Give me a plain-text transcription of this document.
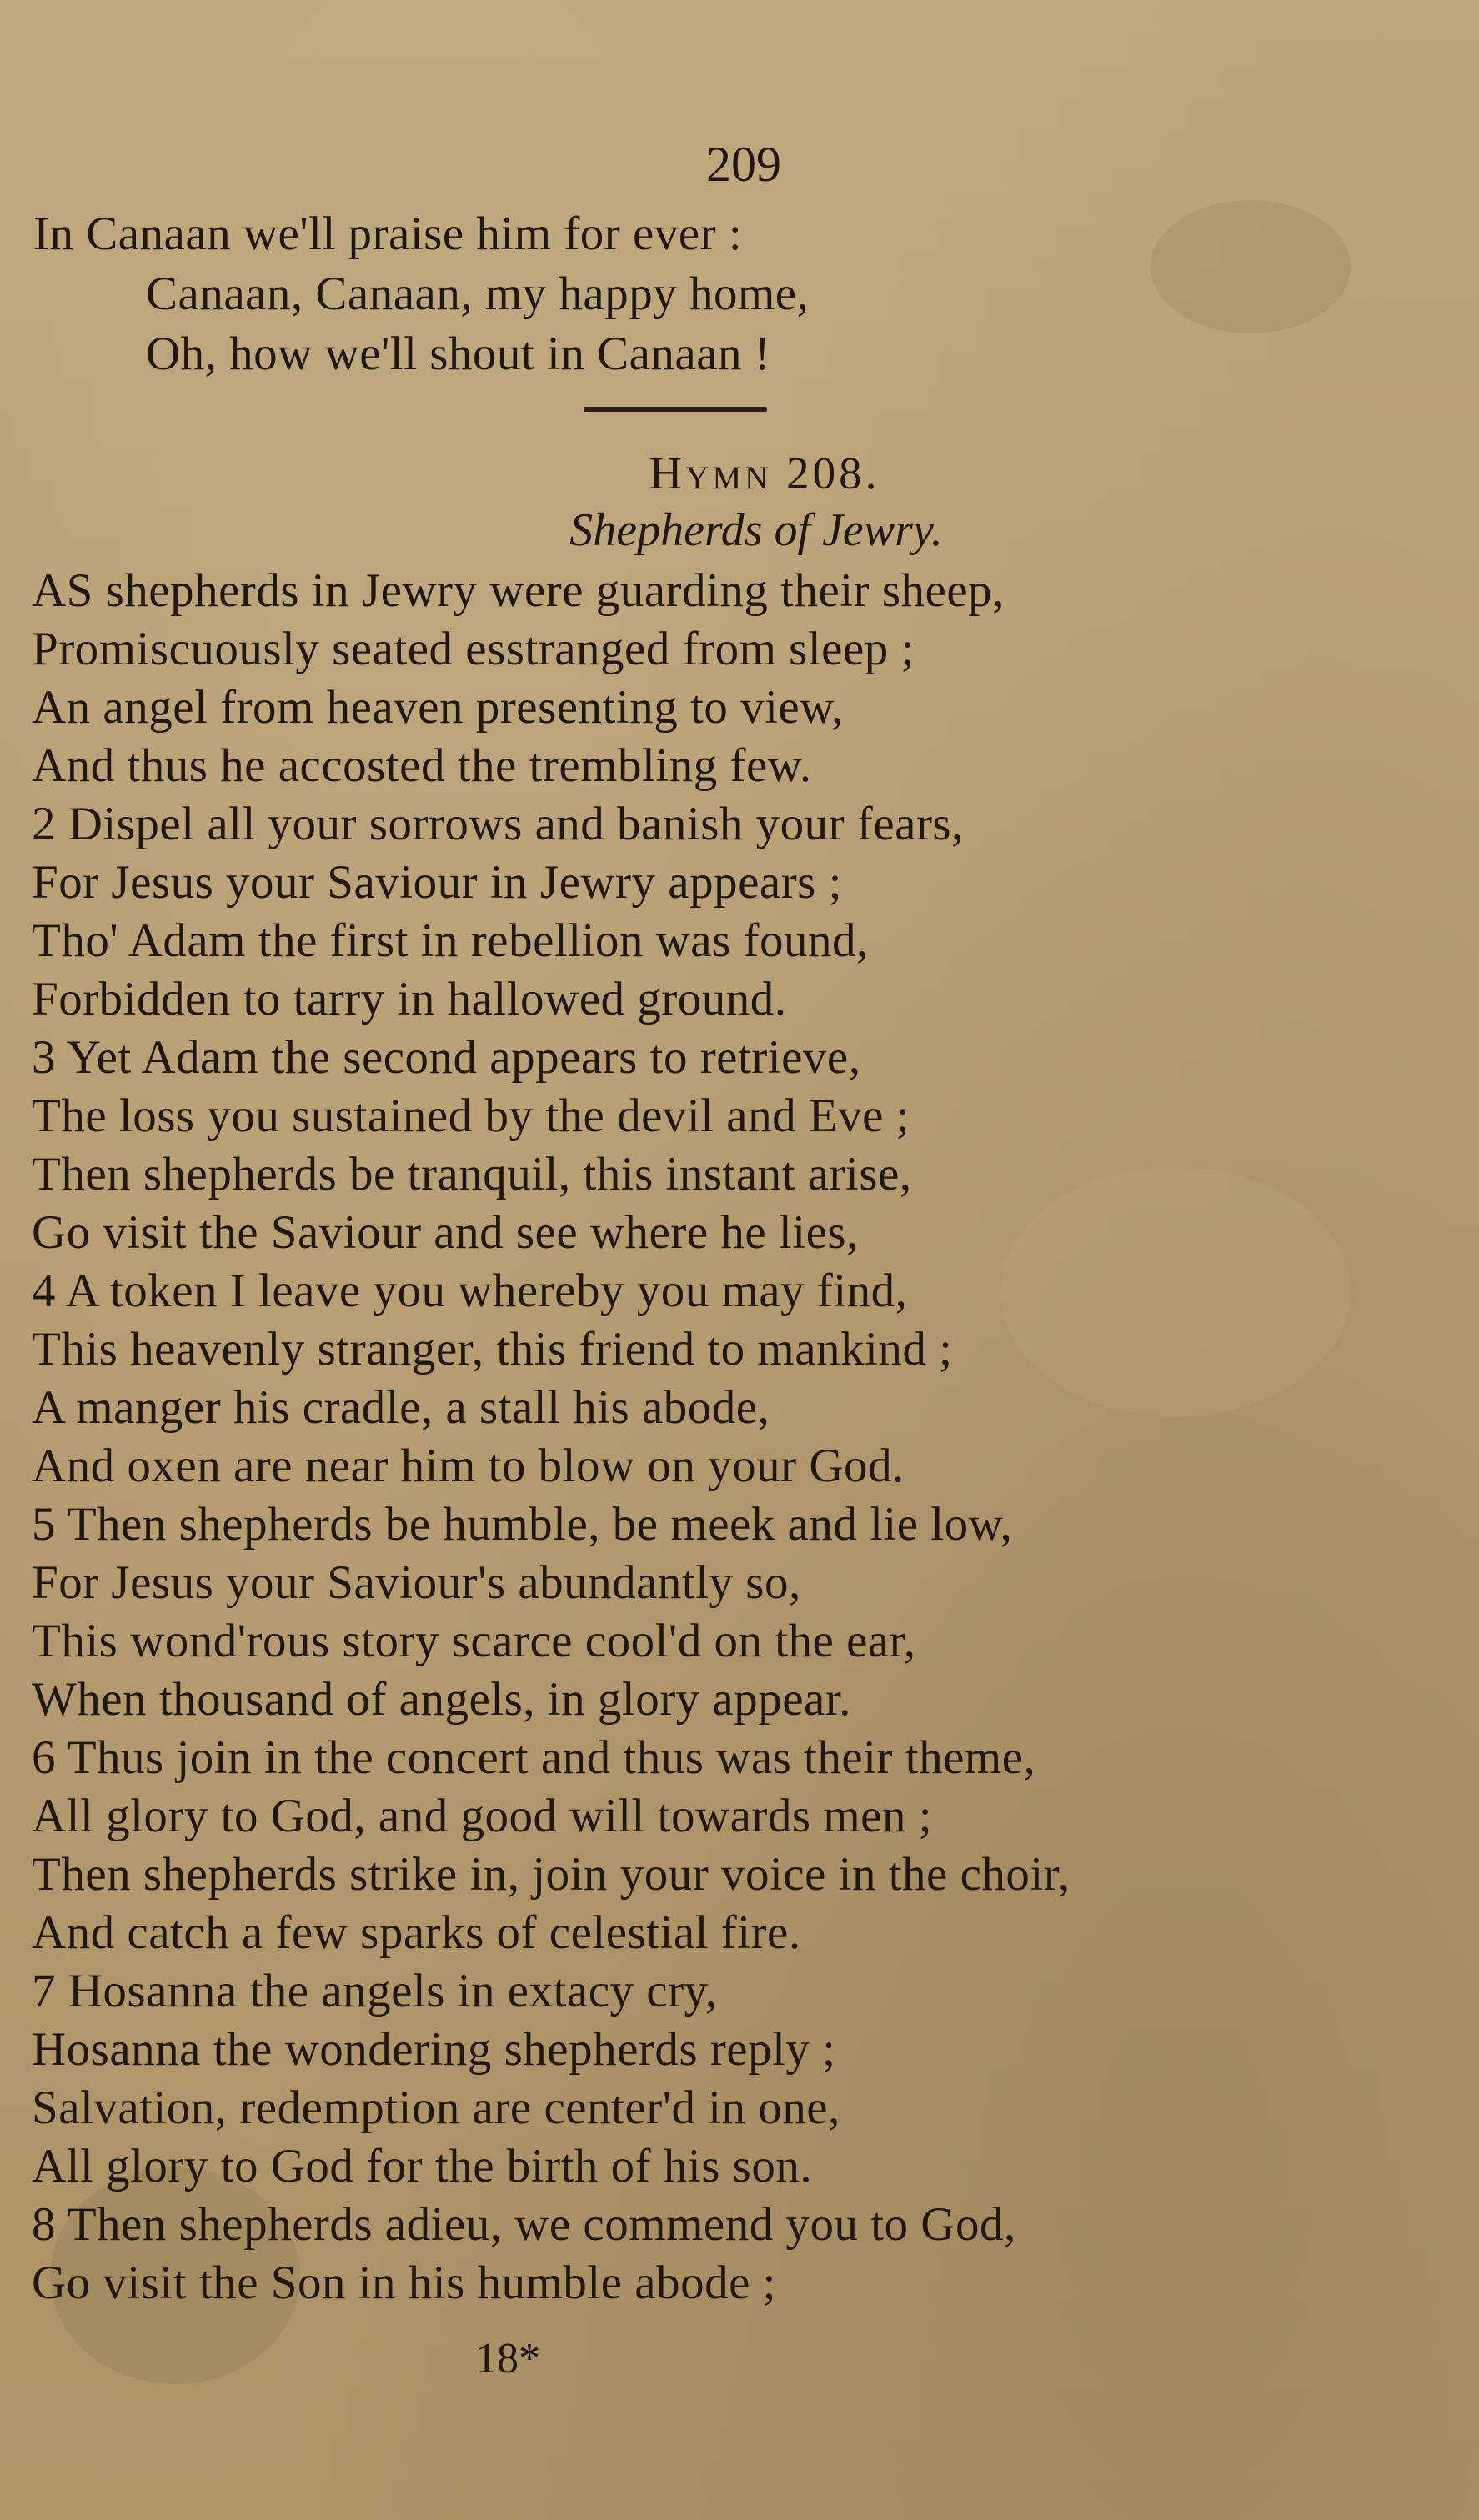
209
In Canaan we'll praise him for ever :
Canaan, Canaan, my happy home,
Oh, how we'll shout in Canaan !
Hymn 208.
Shepherds of Jewry.
AS shepherds in Jewry were guarding their sheep,
Promiscuously seated esstranged from sleep ;
An angel from heaven presenting to view,
And thus he accosted the trembling few.
2 Dispel all your sorrows and banish your fears,
For Jesus your Saviour in Jewry appears ;
Tho' Adam the first in rebellion was found,
Forbidden to tarry in hallowed ground.
3 Yet Adam the second appears to retrieve,
The loss you sustained by the devil and Eve ;
Then shepherds be tranquil, this instant arise,
Go visit the Saviour and see where he lies,
4 A token I leave you whereby you may find,
This heavenly stranger, this friend to mankind ;
A manger his cradle, a stall his abode,
And oxen are near him to blow on your God.
5 Then shepherds be humble, be meek and lie low,
For Jesus your Saviour's abundantly so,
This wond'rous story scarce cool'd on the ear,
When thousand of angels, in glory appear.
6 Thus join in the concert and thus was their theme,
All glory to God, and good will towards men ;
Then shepherds strike in, join your voice in the choir,
And catch a few sparks of celestial fire.
7 Hosanna the angels in extacy cry,
Hosanna the wondering shepherds reply ;
Salvation, redemption are center'd in one,
All glory to God for the birth of his son.
8 Then shepherds adieu, we commend you to God,
Go visit the Son in his humble abode ;
18*
